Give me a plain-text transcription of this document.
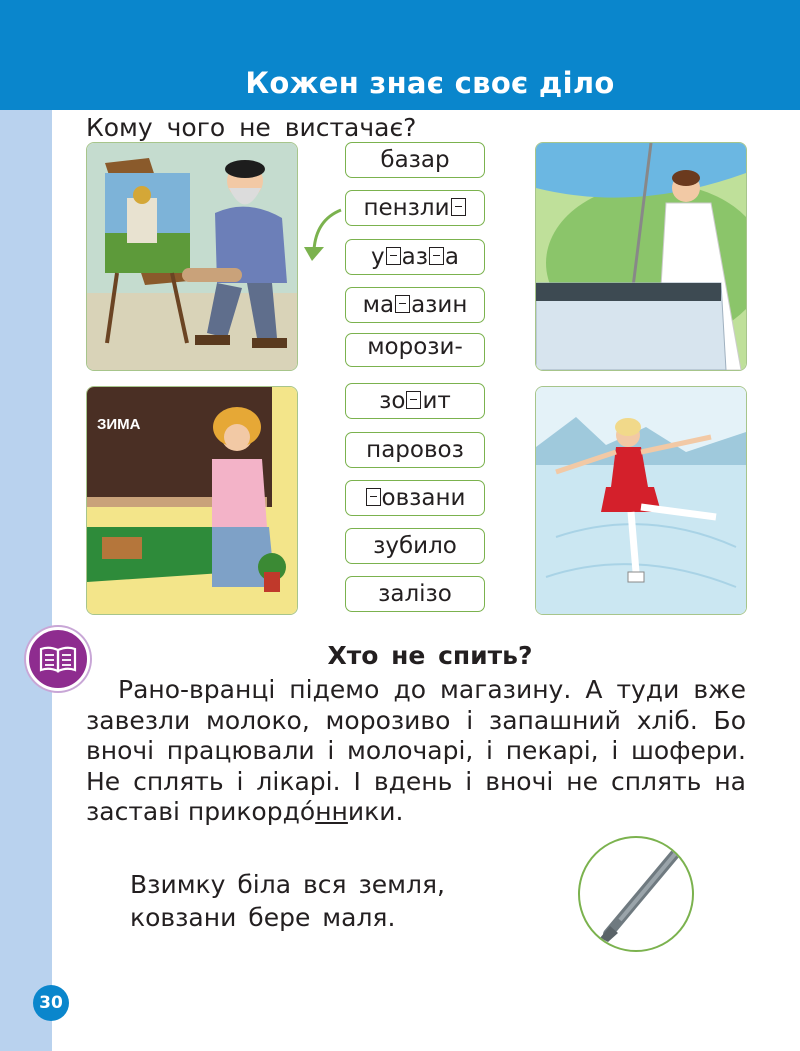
Кожен знає своє діло
Кому чого не вистачає?
базар
пензли
у аз а
ма азин
морози-
зо ит
паровоз
овзани
зубило
залізо
ЗИМА
Хто не спить?

Рано-вранці підемо до магазину. А туди вже завезли молоко, морозиво і запашний хліб. Бо вночі працювали і молочарі, і пекарі, і шофери. Не сплять і лікарі. І вдень і вночі не сплять на заставі прикордо́нники.

Взимку біла вся земля,
ковзани бере маля.
30
